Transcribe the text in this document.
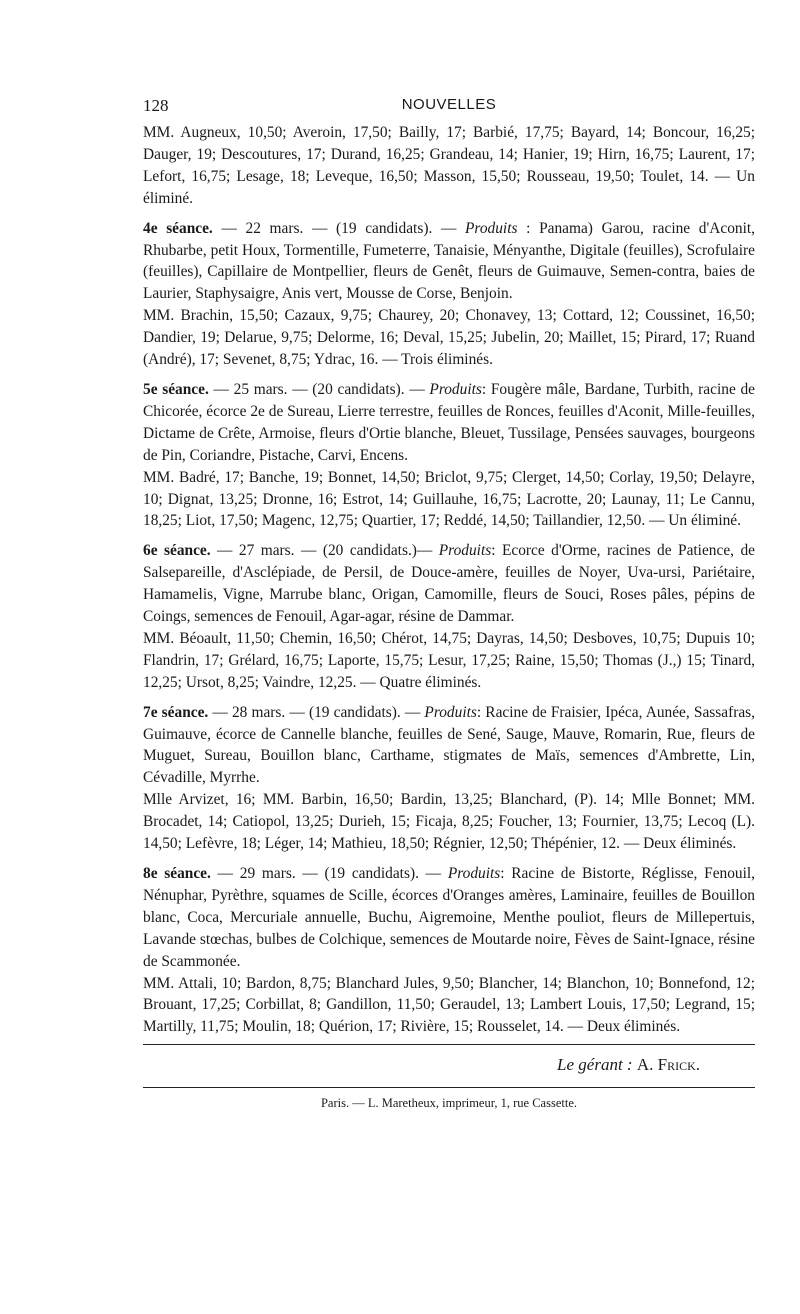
128	NOUVELLES

MM. Augneux, 10,50; Averoin, 17,50; Bailly, 17; Barbié, 17,75; Bayard, 14; Boncour, 16,25; Dauger, 19; Descoutures, 17; Durand, 16,25; Grandeau, 14; Hanier, 19; Hirn, 16,75; Laurent, 17; Lefort, 16,75; Lesage, 18; Leveque, 16,50; Masson, 15,50; Rousseau, 19,50; Toulet, 14. — Un éliminé.

4e séance. — 22 mars. — (19 candidats). — Produits : Panama) Garou, racine d'Aconit, Rhubarbe, petit Houx, Tormentille, Fumeterre, Tanaisie, Ményanthe, Digitale (feuilles), Scrofulaire (feuilles), Capillaire de Montpellier, fleurs de Genêt, fleurs de Guimauve, Semen-contra, baies de Laurier, Staphysaigre, Anis vert, Mousse de Corse, Benjoin.

MM. Brachin, 15,50; Cazaux, 9,75; Chaurey, 20; Chonavey, 13; Cottard, 12; Coussinet, 16,50; Dandier, 19; Delarue, 9,75; Delorme, 16; Deval, 15,25; Jubelin, 20; Maillet, 15; Pirard, 17; Ruand (André), 17; Sevenet, 8,75; Ydrac, 16. — Trois éliminés.

5e séance. — 25 mars. — (20 candidats). — Produits: Fougère mâle, Bardane, Turbith, racine de Chicorée, écorce 2e de Sureau, Lierre terrestre, feuilles de Ronces, feuilles d'Aconit, Mille-feuilles, Dictame de Crête, Armoise, fleurs d'Ortie blanche, Bleuet, Tussilage, Pensées sauvages, bourgeons de Pin, Coriandre, Pistache, Carvi, Encens.

MM. Badré, 17; Banche, 19; Bonnet, 14,50; Briclot, 9,75; Clerget, 14,50; Corlay, 19,50; Delayre, 10; Dignat, 13,25; Dronne, 16; Estrot, 14; Guillauhe, 16,75; Lacrotte, 20; Launay, 11; Le Cannu, 18,25; Liot, 17,50; Magenc, 12,75; Quartier, 17; Reddé, 14,50; Taillandier, 12,50. — Un éliminé.

6e séance. — 27 mars. — (20 candidats.)— Produits: Ecorce d'Orme, racines de Patience, de Salsepareille, d'Asclépiade, de Persil, de Douce-amère, feuilles de Noyer, Uva-ursi, Pariétaire, Hamamelis, Vigne, Marrube blanc, Origan, Camomille, fleurs de Souci, Roses pâles, pépins de Coings, semences de Fenouil, Agar-agar, résine de Dammar.

MM. Béoault, 11,50; Chemin, 16,50; Chérot, 14,75; Dayras, 14,50; Desboves, 10,75; Dupuis 10; Flandrin, 17; Grélard, 16,75; Laporte, 15,75; Lesur, 17,25; Raine, 15,50; Thomas (J.,) 15; Tinard, 12,25; Ursot, 8,25; Vaindre, 12,25. — Quatre éliminés.

7e séance. — 28 mars. — (19 candidats). — Produits: Racine de Fraisier, Ipéca, Aunée, Sassafras, Guimauve, écorce de Cannelle blanche, feuilles de Sené, Sauge, Mauve, Romarin, Rue, fleurs de Muguet, Sureau, Bouillon blanc, Carthame, stigmates de Maïs, semences d'Ambrette, Lin, Cévadille, Myrrhe.

Mlle Arvizet, 16; MM. Barbin, 16,50; Bardin, 13,25; Blanchard, (P). 14; Mlle Bonnet; MM. Brocadet, 14; Catiopol, 13,25; Durieh, 15; Ficaja, 8,25; Foucher, 13; Fournier, 13,75; Lecoq (L). 14,50; Lefèvre, 18; Léger, 14; Mathieu, 18,50; Régnier, 12,50; Thépénier, 12. — Deux éliminés.

8e séance. — 29 mars. — (19 candidats). — Produits: Racine de Bistorte, Réglisse, Fenouil, Nénuphar, Pyrèthre, squames de Scille, écorces d'Oranges amères, Laminaire, feuilles de Bouillon blanc, Coca, Mercuriale annuelle, Buchu, Aigremoine, Menthe pouliot, fleurs de Millepertuis, Lavande stœchas, bulbes de Colchique, semences de Moutarde noire, Fèves de Saint-Ignace, résine de Scammonée.

MM. Attali, 10; Bardon, 8,75; Blanchard Jules, 9,50; Blancher, 14; Blanchon, 10; Bonnefond, 12; Brouant, 17,25; Corbillat, 8; Gandillon, 11,50; Geraudel, 13; Lambert Louis, 17,50; Legrand, 15; Martilly, 11,75; Moulin, 18; Quérion, 17; Rivière, 15; Rousselet, 14. — Deux éliminés.

Le gérant : A. Frick.
Paris. — L. Maretheux, imprimeur, 1, rue Cassette.
